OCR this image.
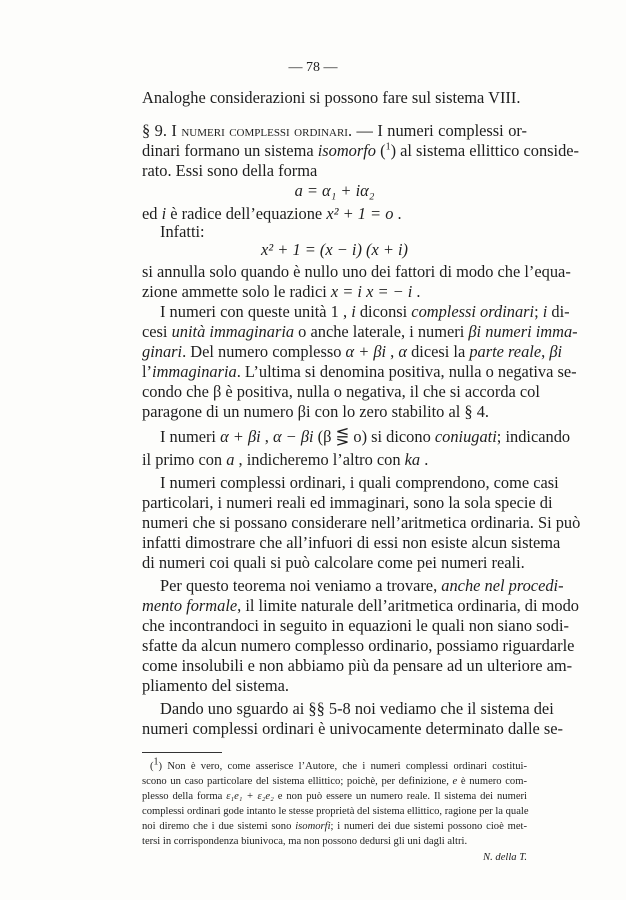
— 78 —
Analoghe considerazioni si possono fare sul sistema VIII.
§ 9. I numeri complessi ordinari. — I numeri complessi or-
dinari formano un sistema isomorfo ($^1$) al sistema ellittico conside-
rato. Essi sono della forma
a = α₁ + iα₂
ed i è radice dell’equazione x² + 1 = o .
Infatti:
x² + 1 = (x − i) (x + i)
si annulla solo quando è nullo uno dei fattori di modo che l’equa-
zione ammette solo le radici x = i x = − i .
I numeri con queste unità 1 , i diconsi complessi ordinari; i di-
cesi unità immaginaria o anche laterale, i numeri βi numeri imma-
ginari. Del numero complesso α + βi , α dicesi la parte reale, βi
l’immaginaria. L’ultima si denomina positiva, nulla o negativa se-
condo che β è positiva, nulla o negativa, il che si accorda col
paragone di un numero βi con lo zero stabilito al § 4.
I numeri α + βi , α − βi (β ⋚ o) si dicono coniugati; indicando
il primo con a , indicheremo l’altro con ka .
I numeri complessi ordinari, i quali comprendono, come casi
particolari, i numeri reali ed immaginari, sono la sola specie di
numeri che si possano considerare nell’aritmetica ordinaria. Si può
infatti dimostrare che all’infuori di essi non esiste alcun sistema
di numeri coi quali si può calcolare come pei numeri reali.
Per questo teorema noi veniamo a trovare, anche nel procedi-
mento formale, il limite naturale dell’aritmetica ordinaria, di modo
che incontrandoci in seguito in equazioni le quali non siano sodi-
sfatte da alcun numero complesso ordinario, possiamo riguardarle
come insolubili e non abbiamo più da pensare ad un ulteriore am-
pliamento del sistema.
Dando uno sguardo ai §§ 5-8 noi vediamo che il sistema dei
numeri complessi ordinari è univocamente determinato dalle se-
($^1$) Non è vero, come asserisce l’Autore, che i numeri complessi ordinari costitui-
scono un caso particolare del sistema ellittico; poichè, per definizione, e è numero com-
plesso della forma ε₁e₁ + ε₂e₂ e non può essere un numero reale. Il sistema dei numeri
complessi ordinari gode intanto le stesse proprietà del sistema ellittico, ragione per la quale
noi diremo che i due sistemi sono isomorfi; i numeri dei due sistemi possono cioè met-
tersi in corrispondenza biunivoca, ma non possono dedursi gli uni dagli altri.
N. della T.
